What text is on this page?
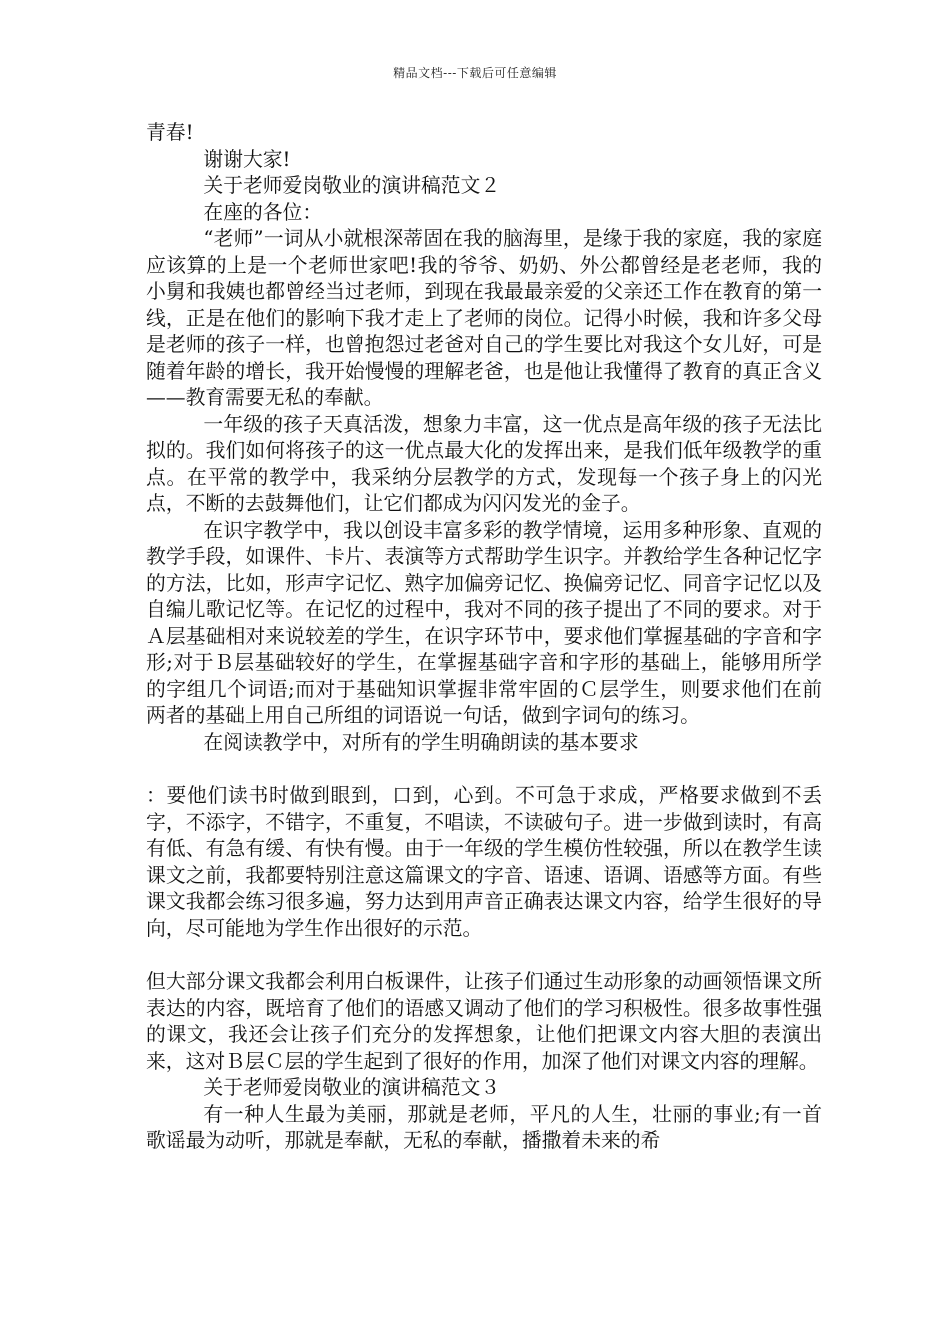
精品文档---下载后可任意编辑

青春!

谢谢大家!

关于老师爱岗敬业的演讲稿范文２

在座的各位：

“老师”一词从小就根深蒂固在我的脑海里，是缘于我的家庭，我的家庭应该算的上是一个老师世家吧!我的爷爷、奶奶、外公都曾经是老老师，我的小舅和我姨也都曾经当过老师，到现在我最最亲爱的父亲还工作在教育的第一线，正是在他们的影响下我才走上了老师的岗位。记得小时候，我和许多父母是老师的孩子一样，也曾抱怨过老爸对自己的学生要比对我这个女儿好，可是随着年龄的增长，我开始慢慢的理解老爸，也是他让我懂得了教育的真正含义——教育需要无私的奉献。

一年级的孩子天真活泼，想象力丰富，这一优点是高年级的孩子无法比拟的。我们如何将孩子的这一优点最大化的发挥出来，是我们低年级教学的重点。在平常的教学中，我采纳分层教学的方式，发现每一个孩子身上的闪光点，不断的去鼓舞他们，让它们都成为闪闪发光的金子。

在识字教学中，我以创设丰富多彩的教学情境，运用多种形象、直观的教学手段，如课件、卡片、表演等方式帮助学生识字。并教给学生各种记忆字的方法，比如，形声字记忆、熟字加偏旁记忆、换偏旁记忆、同音字记忆以及自编儿歌记忆等。在记忆的过程中，我对不同的孩子提出了不同的要求。对于Ａ层基础相对来说较差的学生，在识字环节中，要求他们掌握基础的字音和字形;对于Ｂ层基础较好的学生，在掌握基础字音和字形的基础上，能够用所学的字组几个词语;而对于基础知识掌握非常牢固的Ｃ层学生，则要求他们在前两者的基础上用自己所组的词语说一句话，做到字词句的练习。

在阅读教学中，对所有的学生明确朗读的基本要求

：要他们读书时做到眼到，口到，心到。不可急于求成，严格要求做到不丢字，不添字，不错字，不重复，不唱读，不读破句子。进一步做到读时，有高有低、有急有缓、有快有慢。由于一年级的学生模仿性较强，所以在教学生读课文之前，我都要特别注意这篇课文的字音、语速、语调、语感等方面。有些课文我都会练习很多遍，努力达到用声音正确表达课文内容，给学生很好的导向，尽可能地为学生作出很好的示范。

但大部分课文我都会利用白板课件，让孩子们通过生动形象的动画领悟课文所表达的内容，既培育了他们的语感又调动了他们的学习积极性。很多故事性强的课文，我还会让孩子们充分的发挥想象，让他们把课文内容大胆的表演出来，这对Ｂ层Ｃ层的学生起到了很好的作用，加深了他们对课文内容的理解。

关于老师爱岗敬业的演讲稿范文３

有一种人生最为美丽，那就是老师，平凡的人生，壮丽的事业;有一首歌谣最为动听，那就是奉献，无私的奉献，播撒着未来的希
